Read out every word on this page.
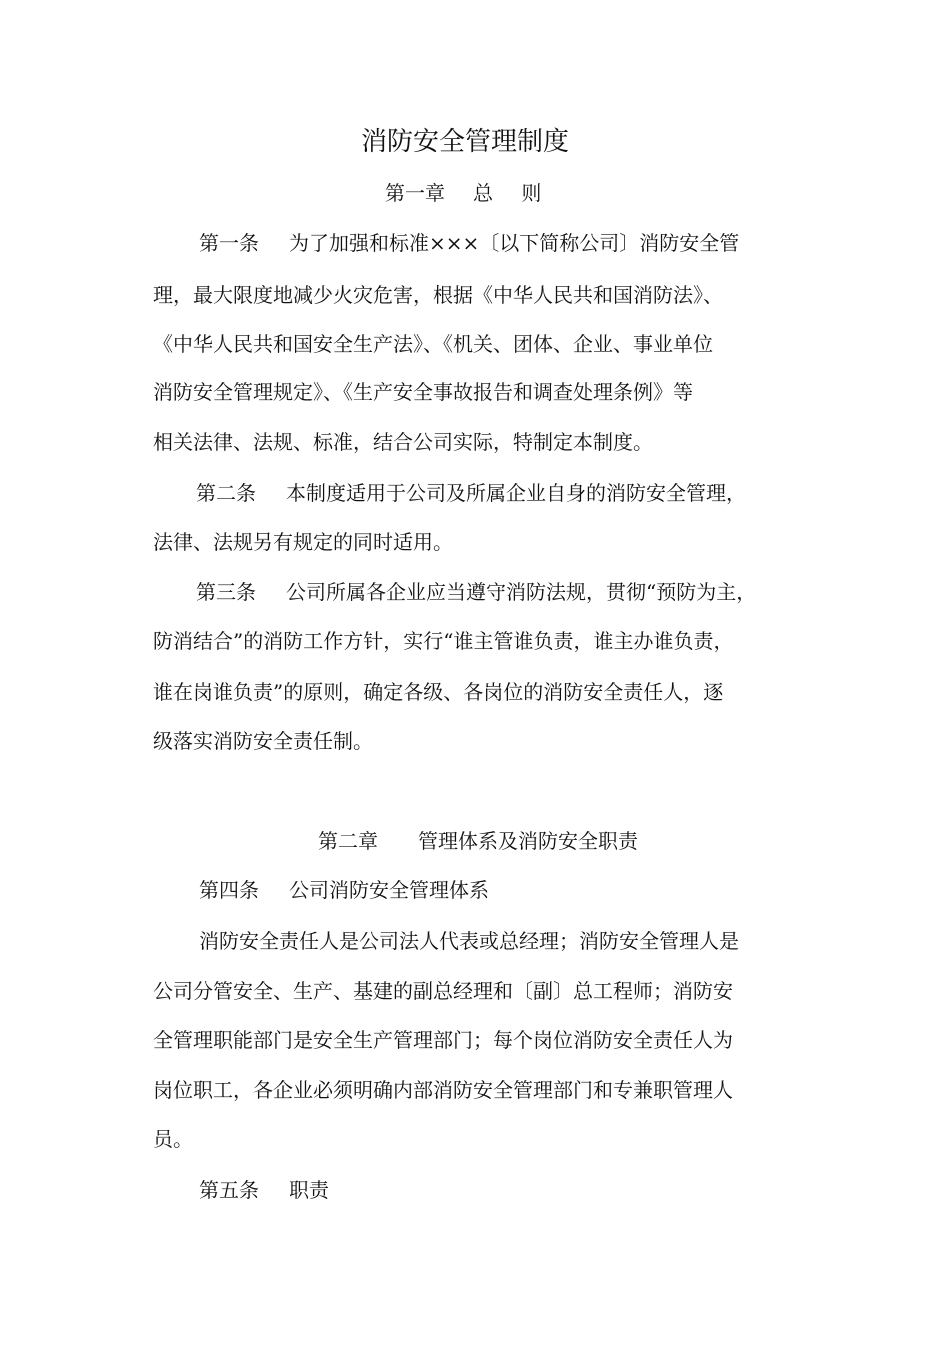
消防安全管理制度
第一章 总 则
第一条 为了加强和标准×××〔以下简称公司〕消防安全管
理，最大限度地减少火灾危害，根据《中华人民共和国消防法》、
《中华人民共和国安全生产法》、《机关、团体、企业、事业单位
消防安全管理规定》、《生产安全事故报告和调查处理条例》等
相关法律、法规、标准，结合公司实际，特制定本制度。
第二条 本制度适用于公司及所属企业自身的消防安全管理，
法律、法规另有规定的同时适用。
第三条 公司所属各企业应当遵守消防法规，贯彻“预防为主，
防消结合”的消防工作方针，实行“谁主管谁负责，谁主办谁负责，
谁在岗谁负责”的原则，确定各级、各岗位的消防安全责任人，逐
级落实消防安全责任制。
第二章 管理体系及消防安全职责
第四条 公司消防安全管理体系
消防安全责任人是公司法人代表或总经理；消防安全管理人是
公司分管安全、生产、基建的副总经理和〔副〕总工程师；消防安
全管理职能部门是安全生产管理部门；每个岗位消防安全责任人为
岗位职工，各企业必须明确内部消防安全管理部门和专兼职管理人
员。
第五条 职责
